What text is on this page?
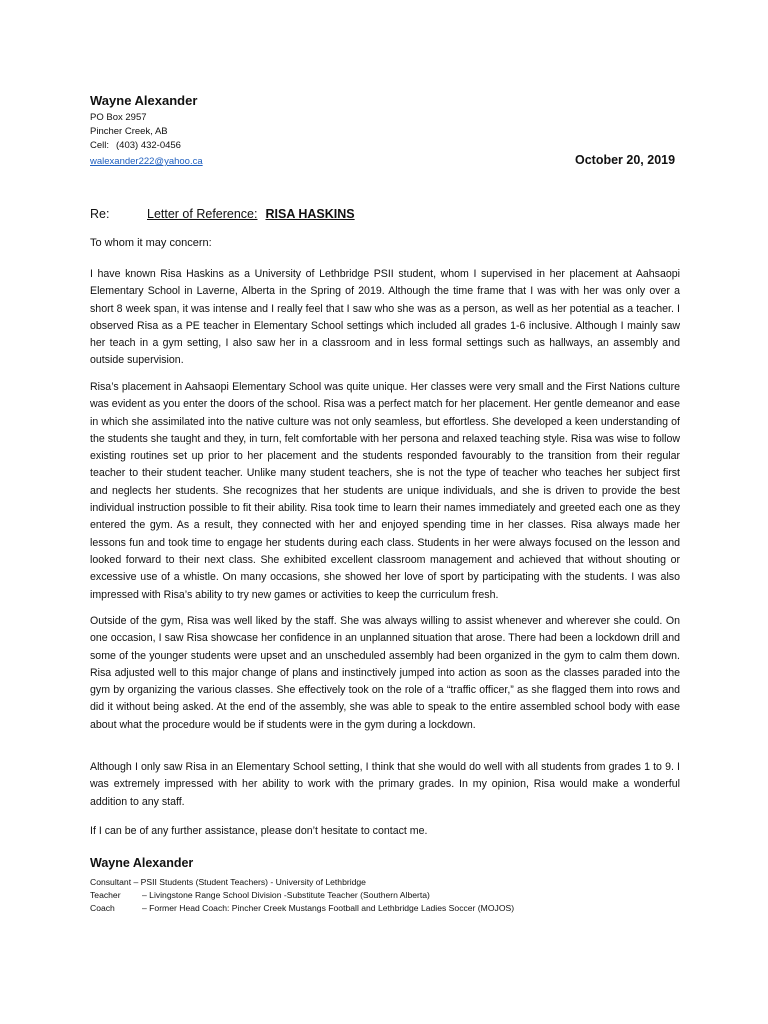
Wayne Alexander
PO Box 2957
Pincher Creek, AB
Cell: (403) 432-0456
walexander222@yahoo.ca	October 20, 2019
Re:	Letter of Reference: RISA HASKINS
To whom it may concern:
I have known Risa Haskins as a University of Lethbridge PSII student, whom I supervised in her placement at Aahsaopi Elementary School in Laverne, Alberta in the Spring of 2019. Although the time frame that I was with her was only over a short 8 week span, it was intense and I really feel that I saw who she was as a person, as well as her potential as a teacher. I observed Risa as a PE teacher in Elementary School settings which included all grades 1-6 inclusive. Although I mainly saw her teach in a gym setting, I also saw her in a classroom and in less formal settings such as hallways, an assembly and outside supervision.
Risa’s placement in Aahsaopi Elementary School was quite unique. Her classes were very small and the First Nations culture was evident as you enter the doors of the school. Risa was a perfect match for her placement. Her gentle demeanor and ease in which she assimilated into the native culture was not only seamless, but effortless. She developed a keen understanding of the students she taught and they, in turn, felt comfortable with her persona and relaxed teaching style. Risa was wise to follow existing routines set up prior to her placement and the students responded favourably to the transition from their regular teacher to their student teacher. Unlike many student teachers, she is not the type of teacher who teaches her subject first and neglects her students. She recognizes that her students are unique individuals, and she is driven to provide the best individual instruction possible to fit their ability. Risa took time to learn their names immediately and greeted each one as they entered the gym. As a result, they connected with her and enjoyed spending time in her classes. Risa always made her lessons fun and took time to engage her students during each class. Students in her were always focused on the lesson and looked forward to their next class. She exhibited excellent classroom management and achieved that without shouting or excessive use of a whistle. On many occasions, she showed her love of sport by participating with the students. I was also impressed with Risa’s ability to try new games or activities to keep the curriculum fresh.
Outside of the gym, Risa was well liked by the staff. She was always willing to assist whenever and wherever she could. On one occasion, I saw Risa showcase her confidence in an unplanned situation that arose. There had been a lockdown drill and some of the younger students were upset and an unscheduled assembly had been organized in the gym to calm them down. Risa adjusted well to this major change of plans and instinctively jumped into action as soon as the classes paraded into the gym by organizing the various classes. She effectively took on the role of a “traffic officer,” as she flagged them into rows and did it without being asked. At the end of the assembly, she was able to speak to the entire assembled school body with ease about what the procedure would be if students were in the gym during a lockdown.
Although I only saw Risa in an Elementary School setting, I think that she would do well with all students from grades 1 to 9. I was extremely impressed with her ability to work with the primary grades. In my opinion, Risa would make a wonderful addition to any staff.
If I can be of any further assistance, please don’t hesitate to contact me.
Wayne Alexander
Consultant – PSII Students (Student Teachers) - University of Lethbridge
Teacher – Livingstone Range School Division -Substitute Teacher (Southern Alberta)
Coach	– Former Head Coach: Pincher Creek Mustangs Football and Lethbridge Ladies Soccer (MOJOS)
